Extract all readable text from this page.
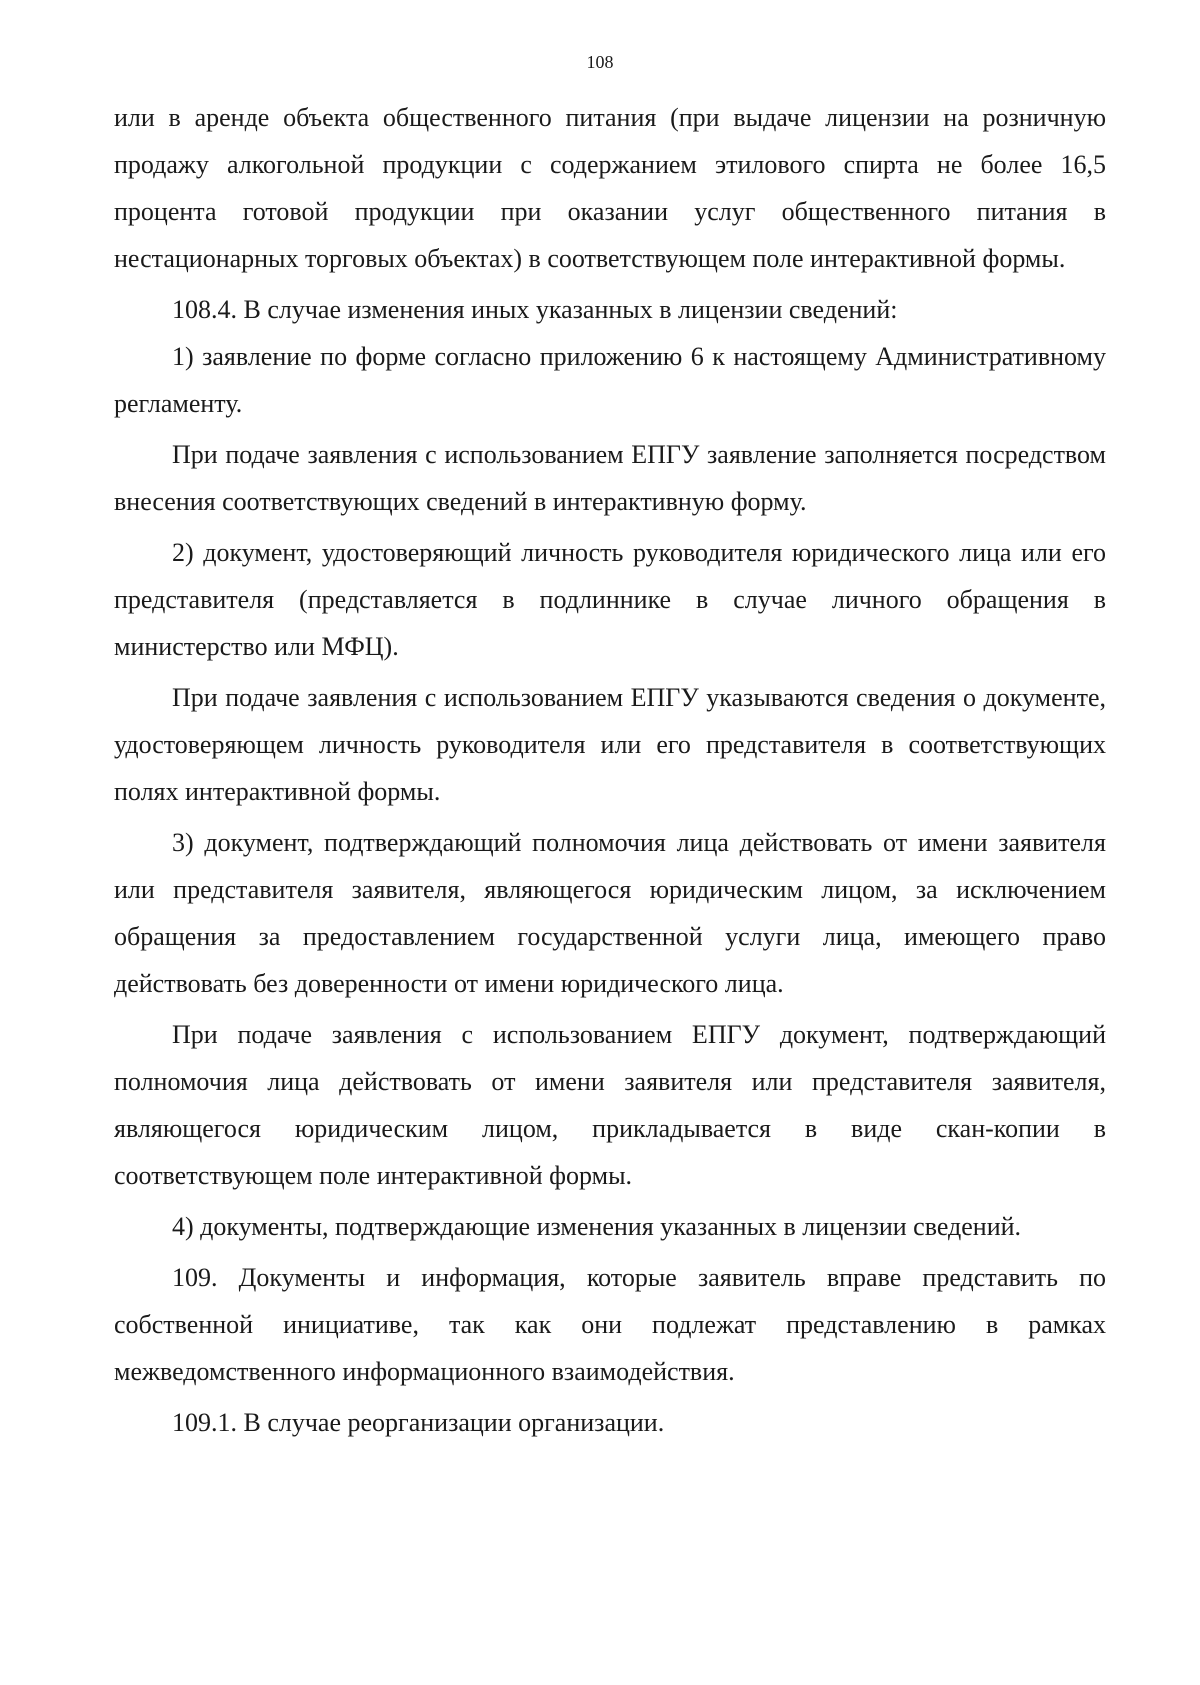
108

или в аренде объекта общественного питания (при выдаче лицензии на розничную продажу алкогольной продукции с содержанием этилового спирта не более 16,5 процента готовой продукции при оказании услуг общественного питания в нестационарных торговых объектах) в соответствующем поле интерактивной формы.

108.4. В случае изменения иных указанных в лицензии сведений:

1) заявление по форме согласно приложению 6 к настоящему Административному регламенту.

При подаче заявления с использованием ЕПГУ заявление заполняется посредством внесения соответствующих сведений в интерактивную форму.

2) документ, удостоверяющий личность руководителя юридического лица или его представителя (представляется в подлиннике в случае личного обращения в министерство или МФЦ).

При подаче заявления с использованием ЕПГУ указываются сведения о документе, удостоверяющем личность руководителя или его представителя в соответствующих полях интерактивной формы.

3) документ, подтверждающий полномочия лица действовать от имени заявителя или представителя заявителя, являющегося юридическим лицом, за исключением обращения за предоставлением государственной услуги лица, имеющего право действовать без доверенности от имени юридического лица.

При подаче заявления с использованием ЕПГУ документ, подтверждающий полномочия лица действовать от имени заявителя или представителя заявителя, являющегося юридическим лицом, прикладывается в виде скан-копии в соответствующем поле интерактивной формы.

4) документы, подтверждающие изменения указанных в лицензии сведений.

109. Документы и информация, которые заявитель вправе представить по собственной инициативе, так как они подлежат представлению в рамках межведомственного информационного взаимодействия.

109.1. В случае реорганизации организации.
